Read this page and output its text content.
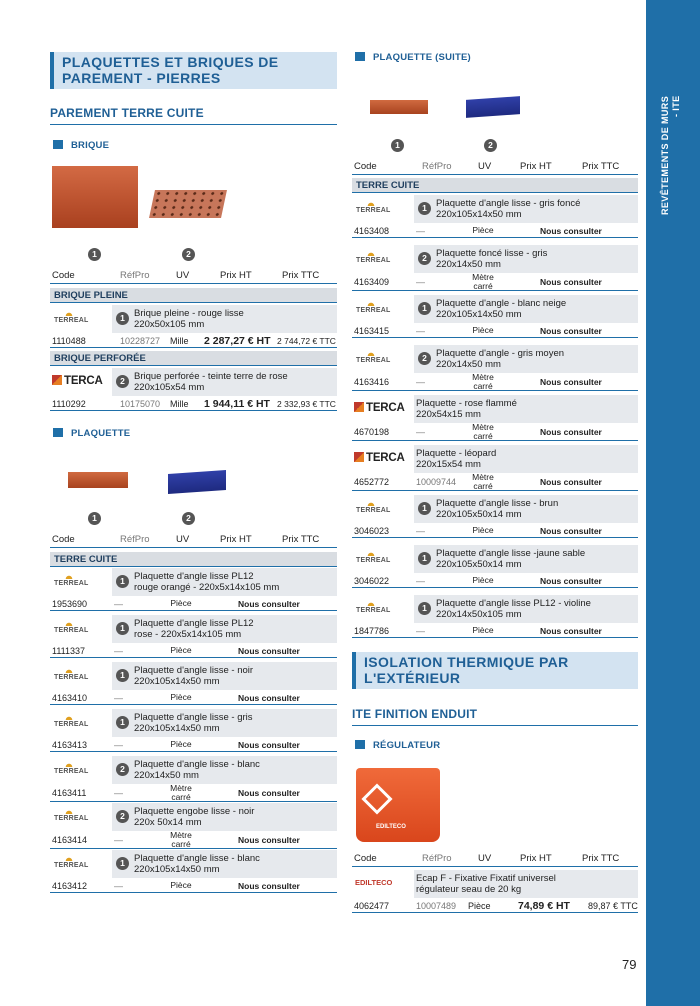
REVÊTEMENTS DE MURS - ITE
79
PLAQUETTES ET BRIQUES DE
PAREMENT - PIERRES
PAREMENT TERRE CUITE
BRIQUE
1	2
Code	RéfPro	UV	Prix HT	Prix TTC
BRIQUE PLEINE
TERREAL	1 Brique pleine - rouge lisse
220x50x105 mm
1110488	10228727 Mille 2 287,27 € HT 2 744,72 € TTC
BRIQUE PERFORÉE
TERCA	2 Brique perforée - teinte terre de rose
220x105x54 mm
1110292	10175070 Mille 1 944,11 € HT 2 332,93 € TTC
PLAQUETTE
1	2
Code	RéfPro	UV	Prix HT	Prix TTC
TERRE CUITE
TERREAL	1 Plaquette d'angle lisse PL12
rouge orangé - 220x5x14x105 mm
1953690	—	Pièce	Nous consulter
TERREAL	1 Plaquette d'angle lisse PL12
rose - 220x5x14x105 mm
1111337	—	Pièce	Nous consulter
TERREAL	1 Plaquette d'angle lisse - noir
220x105x14x50 mm
4163410	—	Pièce	Nous consulter
TERREAL	1 Plaquette d'angle lisse - gris
220x105x14x50 mm
4163413	—	Pièce	Nous consulter
TERREAL	2 Plaquette d'angle lisse - blanc
220x14x50 mm
4163411	—	Mètre
carré	Nous consulter
TERREAL	2 Plaquette engobe lisse - noir
220x 50x14 mm
4163414	—	Mètre
carré	Nous consulter
TERREAL	1 Plaquette d'angle lisse - blanc
220x105x14x50 mm
4163412	—	Pièce	Nous consulter
PLAQUETTE (SUITE)
1	2
Code	RéfPro	UV	Prix HT	Prix TTC
TERRE CUITE
TERREAL	1 Plaquette d'angle lisse - gris foncé
220x105x14x50 mm
4163408	—	Pièce	Nous consulter
TERREAL	2 Plaquette foncé lisse - gris
220x14x50 mm
4163409	—	Mètre
carré	Nous consulter
TERREAL	1 Plaquette d'angle - blanc neige
220x105x14x50 mm
4163415	—	Pièce	Nous consulter
TERREAL	2 Plaquette d'angle - gris moyen
220x14x50 mm
4163416	—	Mètre
carré	Nous consulter
TERCA Plaquette - rose flammé
220x54x15 mm
4670198	—	Mètre
carré	Nous consulter
TERCA Plaquette - léopard
220x15x54 mm
4652772	10009744	Mètre
carré	Nous consulter
TERREAL	1 Plaquette d'angle lisse - brun
220x105x50x14 mm
3046023	—	Pièce	Nous consulter
TERREAL	1 Plaquette d'angle lisse -jaune sable
220x105x50x14 mm
3046022	—	Pièce	Nous consulter
TERREAL	1 Plaquette d'angle lisse PL12 - violine
220x14x50x105 mm
1847786	—	Pièce	Nous consulter
ISOLATION THERMIQUE PAR
L'EXTÉRIEUR
ITE FINITION ENDUIT
RÉGULATEUR
EDILTECO
Code	RéfPro	UV	Prix HT	Prix TTC
EDILTECO Ecap F - Fixative Fixatif universel
régulateur seau de 20 kg
4062477	10007489 Pièce	74,89 € HT 89,87 € TTC
